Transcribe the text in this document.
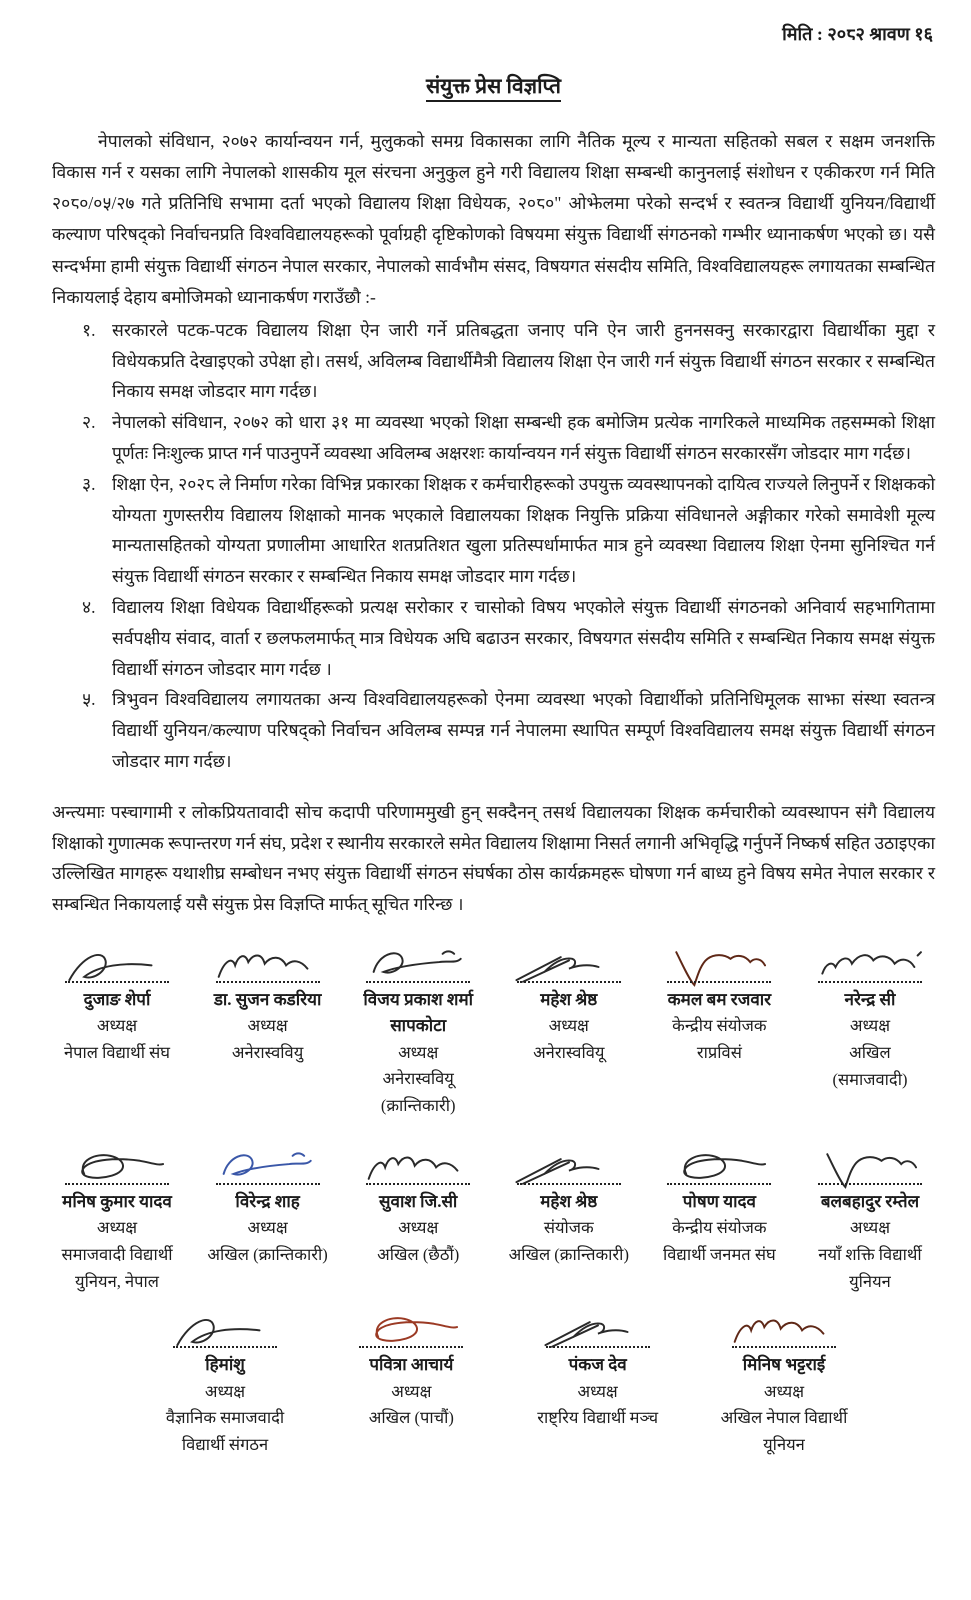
मिति : २०८२ श्रावण १६
संयुक्त प्रेस विज्ञप्ति

नेपालको संविधान, २०७२ कार्यान्वयन गर्न, मुलुकको समग्र विकासका लागि नैतिक मूल्य र मान्यता सहितको सबल र सक्षम जनशक्ति विकास गर्न र यसका लागि नेपालको शासकीय मूल संरचना अनुकुल हुने गरी विद्यालय शिक्षा सम्बन्धी कानुनलाई संशोधन र एकीकरण गर्न मिति २०८०/०५/२७ गते प्रतिनिधि सभामा दर्ता भएको विद्यालय शिक्षा विधेयक, २०८०" ओझेलमा परेको सन्दर्भ र स्वतन्त्र विद्यार्थी युनियन/विद्यार्थी कल्याण परिषद्को निर्वाचनप्रति विश्वविद्यालयहरूको पूर्वाग्रही दृष्टिकोणको विषयमा संयुक्त विद्यार्थी संगठनको गम्भीर ध्यानाकर्षण भएको छ। यसै सन्दर्भमा हामी संयुक्त विद्यार्थी संगठन नेपाल सरकार, नेपालको सार्वभौम संसद, विषयगत संसदीय समिति, विश्वविद्यालयहरू लगायतका सम्बन्धित निकायलाई देहाय बमोजिमको ध्यानाकर्षण गराउँछौ :-

१. सरकारले पटक-पटक विद्यालय शिक्षा ऐन जारी गर्ने प्रतिबद्धता जनाए पनि ऐन जारी हुननसक्नु सरकारद्वारा विद्यार्थीका मुद्दा र विधेयकप्रति देखाइएको उपेक्षा हो। तसर्थ, अविलम्ब विद्यार्थीमैत्री विद्यालय शिक्षा ऐन जारी गर्न संयुक्त विद्यार्थी संगठन सरकार र सम्बन्धित निकाय समक्ष जोडदार माग गर्दछ।
२. नेपालको संविधान, २०७२ को धारा ३१ मा व्यवस्था भएको शिक्षा सम्बन्धी हक बमोजिम प्रत्येक नागरिकले माध्यमिक तहसम्मको शिक्षा पूर्णतः निःशुल्क प्राप्त गर्न पाउनुपर्ने व्यवस्था अविलम्ब अक्षरशः कार्यान्वयन गर्न संयुक्त विद्यार्थी संगठन सरकारसँग जोडदार माग गर्दछ।
३. शिक्षा ऐन, २०२८ ले निर्माण गरेका विभिन्न प्रकारका शिक्षक र कर्मचारीहरूको उपयुक्त व्यवस्थापनको दायित्व राज्यले लिनुपर्ने र शिक्षकको योग्यता गुणस्तरीय विद्यालय शिक्षाको मानक भएकाले विद्यालयका शिक्षक नियुक्ति प्रक्रिया संविधानले अङ्गीकार गरेको समावेशी मूल्य मान्यतासहितको योग्यता प्रणालीमा आधारित शतप्रतिशत खुला प्रतिस्पर्धामार्फत मात्र हुने व्यवस्था विद्यालय शिक्षा ऐनमा सुनिश्चित गर्न संयुक्त विद्यार्थी संगठन सरकार र सम्बन्धित निकाय समक्ष जोडदार माग गर्दछ।
४. विद्यालय शिक्षा विधेयक विद्यार्थीहरूको प्रत्यक्ष सरोकार र चासोको विषय भएकोले संयुक्त विद्यार्थी संगठनको अनिवार्य सहभागितामा सर्वपक्षीय संवाद, वार्ता र छलफलमार्फत् मात्र विधेयक अघि बढाउन सरकार, विषयगत संसदीय समिति र सम्बन्धित निकाय समक्ष संयुक्त विद्यार्थी संगठन जोडदार माग गर्दछ ।
५. त्रिभुवन विश्वविद्यालय लगायतका अन्य विश्वविद्यालयहरूको ऐनमा व्यवस्था भएको विद्यार्थीको प्रतिनिधिमूलक साझा संस्था स्वतन्त्र विद्यार्थी युनियन/कल्याण परिषद्को निर्वाचन अविलम्ब सम्पन्न गर्न नेपालमा स्थापित सम्पूर्ण विश्वविद्यालय समक्ष संयुक्त विद्यार्थी संगठन जोडदार माग गर्दछ।

अन्त्यमाः पस्चागामी र लोकप्रियतावादी सोच कदापी परिणाममुखी हुन् सक्दैनन् तसर्थ विद्यालयका शिक्षक कर्मचारीको व्यवस्थापन संगै विद्यालय शिक्षाको गुणात्मक रूपान्तरण गर्न संघ, प्रदेश र स्थानीय सरकारले समेत विद्यालय शिक्षामा निसर्त लगानी अभिवृद्धि गर्नुपर्ने निष्कर्ष सहित उठाइएका उल्लिखित मागहरू यथाशीघ्र सम्बोधन नभए संयुक्त विद्यार्थी संगठन संघर्षका ठोस कार्यक्रमहरू घोषणा गर्न बाध्य हुने विषय समेत नेपाल सरकार र सम्बन्धित निकायलाई यसै संयुक्त प्रेस विज्ञप्ति मार्फत् सूचित गरिन्छ ।

दुजाङ शेर्पा
अध्यक्ष
नेपाल विद्यार्थी संघ
डा. सुजन कडरिया
अध्यक्ष
अनेरास्ववियु
विजय प्रकाश शर्मा
सापकोटा
अध्यक्ष
अनेरास्ववियू
(क्रान्तिकारी)
महेश श्रेष्ठ
अध्यक्ष
अनेरास्ववियू
कमल बम रजवार
केन्द्रीय संयोजक
राप्रविसं
नरेन्द्र सी
अध्यक्ष
अखिल
(समाजवादी)
मनिष कुमार यादव
अध्यक्ष
समाजवादी विद्यार्थी
युनियन, नेपाल
विरेन्द्र शाह
अध्यक्ष
अखिल (क्रान्तिकारी)
सुवाश जि.सी
अध्यक्ष
अखिल (छैठौं)
महेश श्रेष्ठ
संयोजक
अखिल (क्रान्तिकारी)
पोषण यादव
केन्द्रीय संयोजक
विद्यार्थी जनमत संघ
बलबहादुर रम्तेल
अध्यक्ष
नयाँ शक्ति विद्यार्थी
युनियन
हिमांशु
अध्यक्ष
वैज्ञानिक समाजवादी
विद्यार्थी संगठन
पवित्रा आचार्य
अध्यक्ष
अखिल (पाचौं)
पंकज देव
अध्यक्ष
राष्ट्रिय विद्यार्थी मञ्च
मिनिष भट्टराई
अध्यक्ष
अखिल नेपाल विद्यार्थी
यूनियन
